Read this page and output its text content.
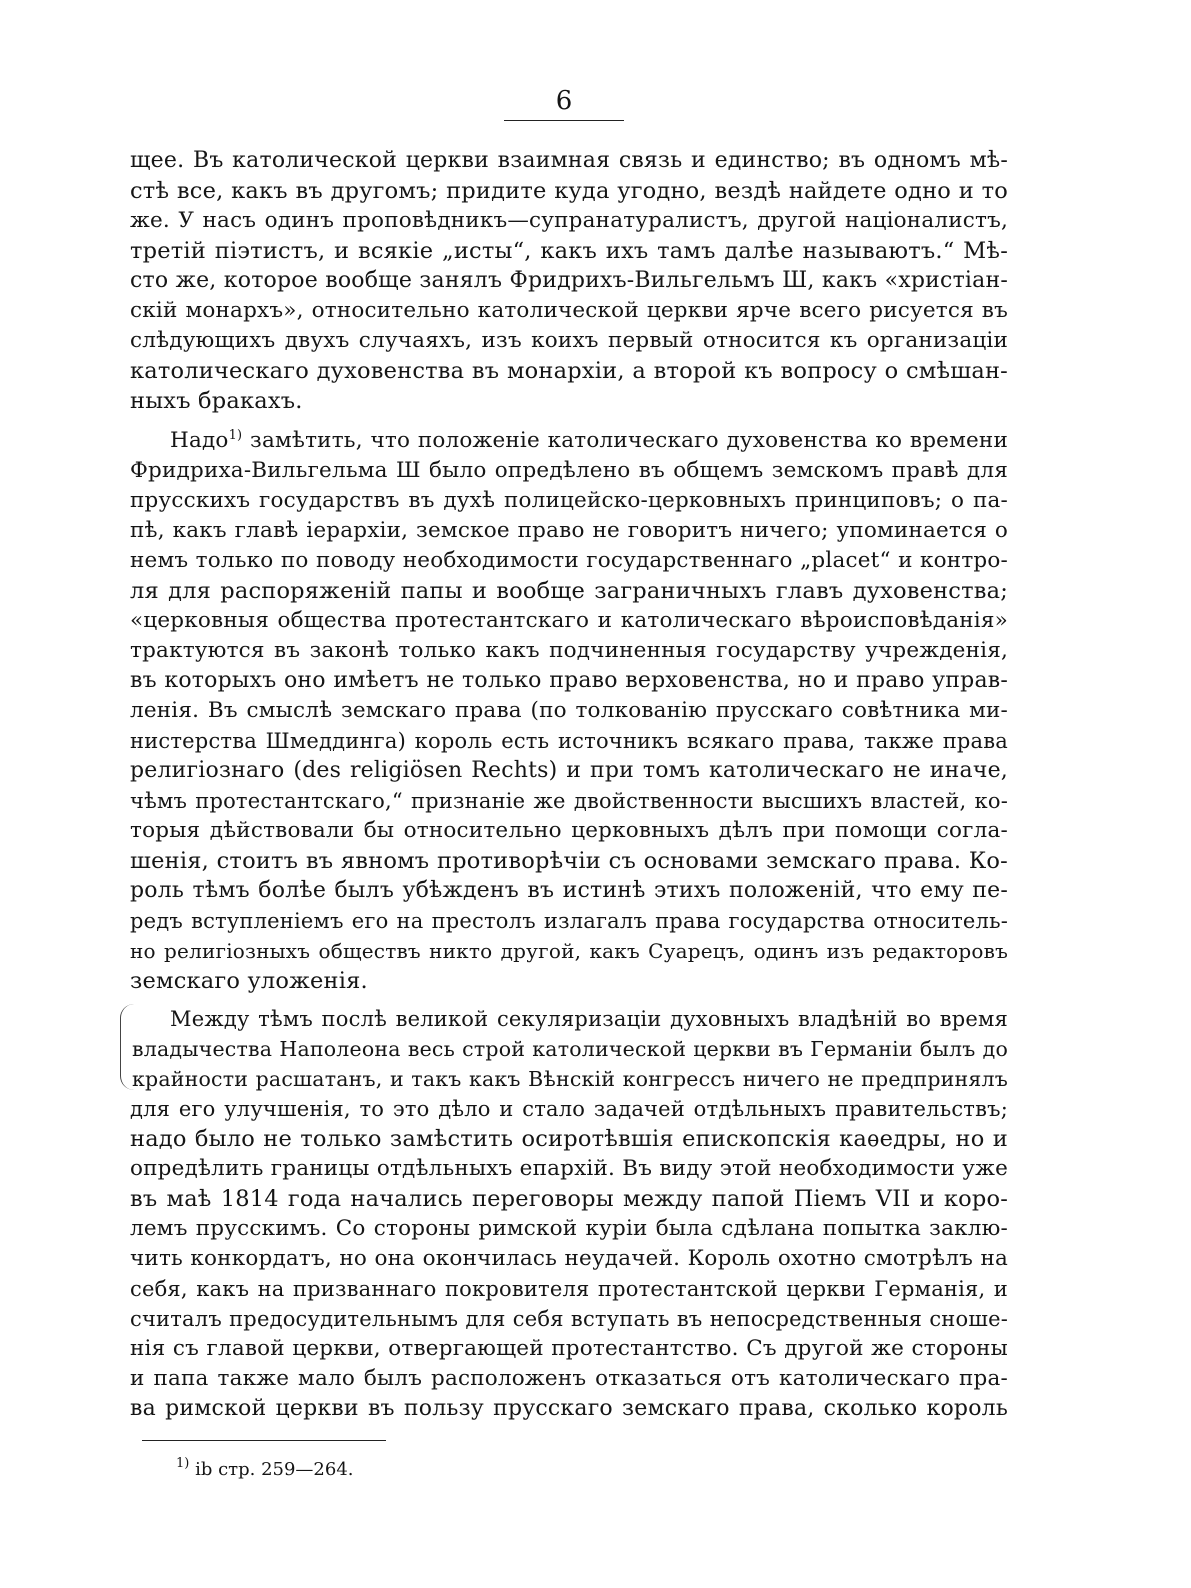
6
щее. Въ католической церкви взаимная связь и единство; въ одномъ мѣ-
стѣ все, какъ въ другомъ; придите куда угодно, вездѣ найдете одно и то
же. У насъ одинъ проповѣдникъ—супранатуралистъ, другой націоналистъ,
третій піэтистъ, и всякіе „исты“, какъ ихъ тамъ далѣе называютъ.“ Мѣ-
сто же, которое вообще занялъ Фридрихъ-Вильгельмъ Ш, какъ «христіан-
скій монархъ», относительно католической церкви ярче всего рисуется въ
слѣдующихъ двухъ случаяхъ, изъ коихъ первый относится къ организаціи
католическаго духовенства въ монархіи, а второй къ вопросу о смѣшан-
ныхъ бракахъ.
Надо$^{1)}$ замѣтить, что положеніе католическаго духовенства ко времени
Фридриха-Вильгельма Ш было опредѣлено въ общемъ земскомъ правѣ для
прусскихъ государствъ въ духѣ полицейско-церковныхъ принциповъ; о па-
пѣ, какъ главѣ іерархіи, земское право не говоритъ ничего; упоминается о
немъ только по поводу необходимости государственнаго „placet“ и контро-
ля для распоряженій папы и вообще заграничныхъ главъ духовенства;
«церковныя общества протестантскаго и католическаго вѣроисповѣданія»
трактуются въ законѣ только какъ подчиненныя государству учрежденія,
въ которыхъ оно имѣетъ не только право верховенства, но и право управ-
ленія. Въ смыслѣ земскаго права (по толкованію прусскаго совѣтника ми-
нистерства Шмеддинга) король есть источникъ всякаго права, также права
религіознаго (des religiösen Rechts) и при томъ католическаго не иначе,
чѣмъ протестантскаго,“ признаніе же двойственности высшихъ властей, ко-
торыя дѣйствовали бы относительно церковныхъ дѣлъ при помощи согла-
шенія, стоитъ въ явномъ противорѣчіи съ основами земскаго права. Ко-
роль тѣмъ болѣе былъ убѣжденъ въ истинѣ этихъ положеній, что ему пе-
редъ вступленіемъ его на престолъ излагалъ права государства относитель-
но религіозныхъ обществъ никто другой, какъ Суарецъ, одинъ изъ редакторовъ
земскаго уложенія.
Между тѣмъ послѣ великой секуляризаціи духовныхъ владѣній во время
владычества Наполеона весь строй католической церкви въ Германіи былъ до
крайности расшатанъ, и такъ какъ Вѣнскій конгрессъ ничего не предпринялъ
для его улучшенія, то это дѣло и стало задачей отдѣльныхъ правительствъ;
надо было не только замѣстить осиротѣвшія епископскія каѳедры, но и
опредѣлить границы отдѣльныхъ епархій. Въ виду этой необходимости уже
въ маѣ 1814 года начались переговоры между папой Піемъ VII и коро-
лемъ прусскимъ. Со стороны римской куріи была сдѣлана попытка заклю-
чить конкордатъ, но она окончилась неудачей. Король охотно смотрѣлъ на
себя, какъ на призваннаго покровителя протестантской церкви Германія, и
считалъ предосудительнымъ для себя вступать въ непосредственныя сноше-
нія съ главой церкви, отвергающей протестантство. Съ другой же стороны
и папа также мало былъ расположенъ отказаться отъ католическаго пра-
ва римской церкви въ пользу прусскаго земскаго права, сколько король
$^{1)}$ ib стр. 259—264.
